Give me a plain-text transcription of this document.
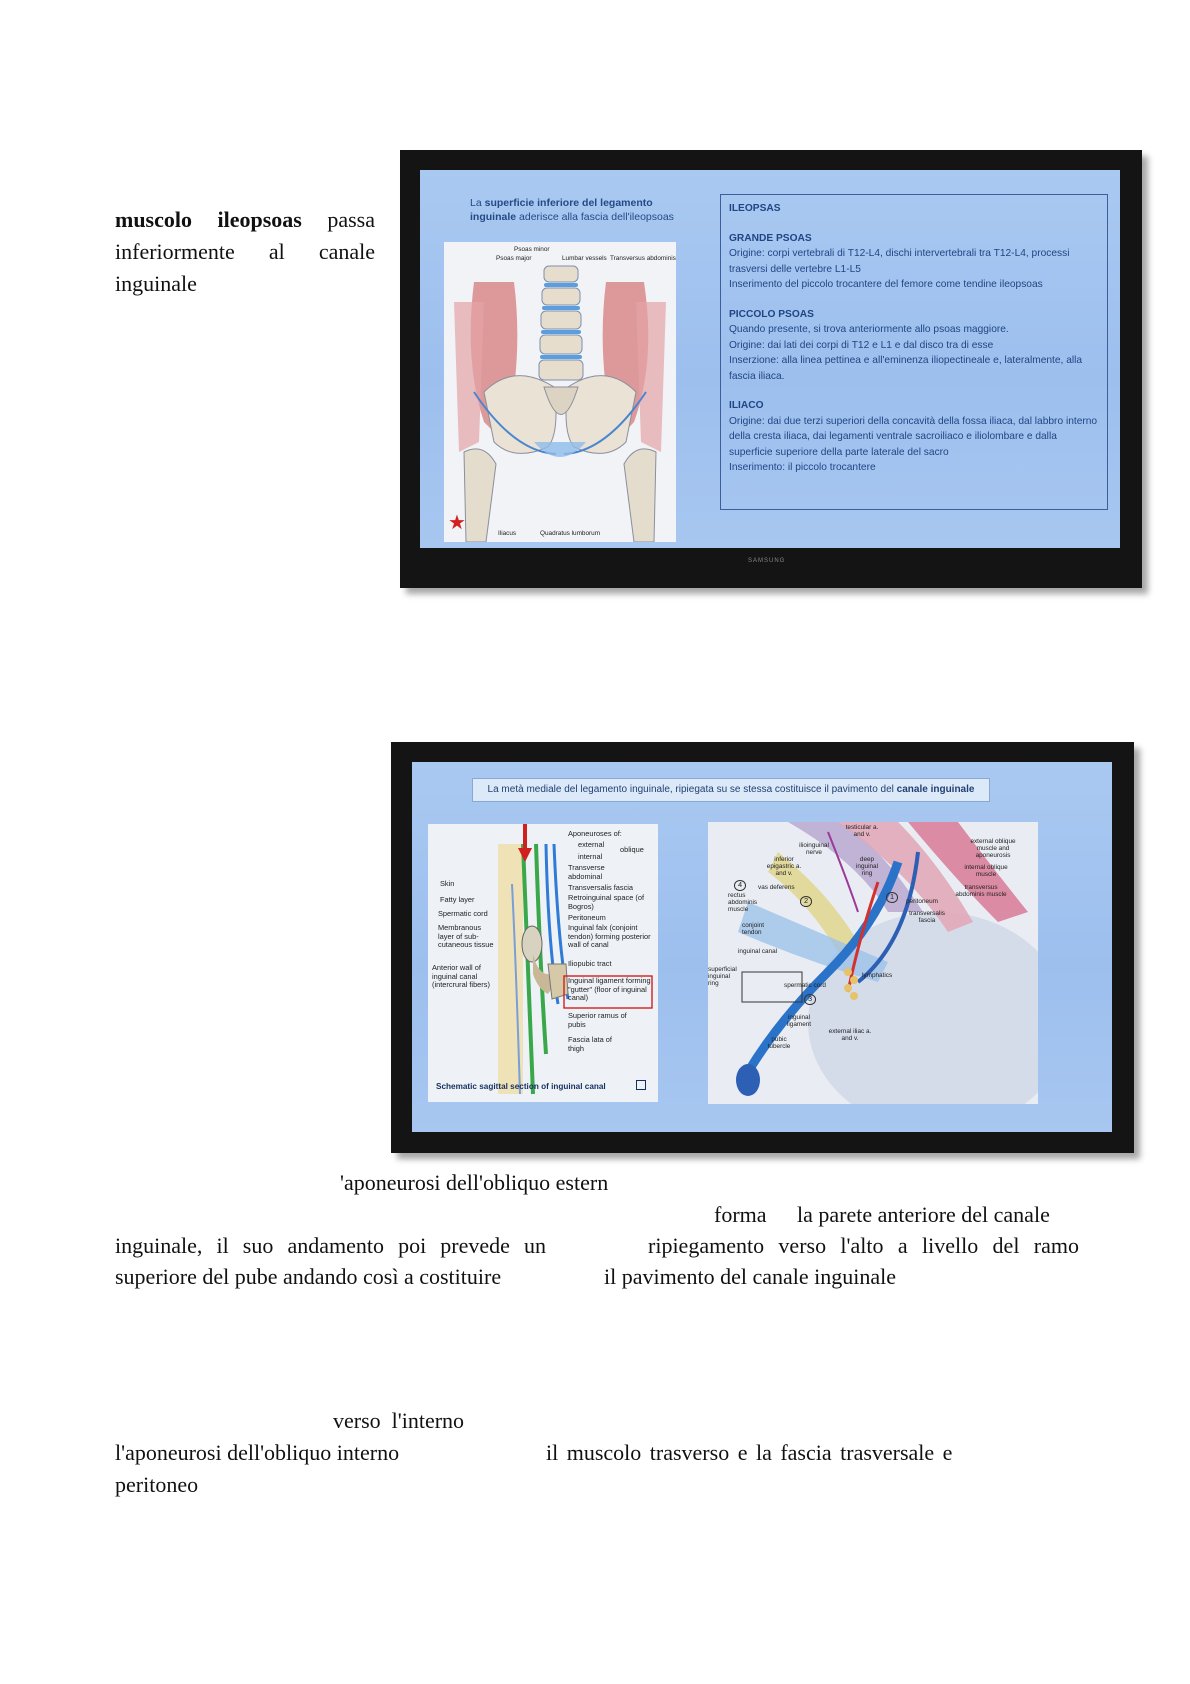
muscolo ileopsoas passa inferiormente al canale inguinale
La superficie inferiore del legamento inguinale aderisce alla fascia dell'ileopsoas
Psoas minor
Psoas major	Lumbar vessels Transversus abdominis
Iliacus	Quadratus lumborum
★

ILEOPSAS

GRANDE PSOAS

Origine: corpi vertebrali di T12-L4, dischi intervertebrali tra T12-L4, processi trasversi delle vertebre L1-L5

Inserimento del piccolo trocantere del femore come tendine ileopsoas

PICCOLO PSOAS

Quando presente, si trova anteriormente allo psoas maggiore.

Origine: dai lati dei corpi di T12 e L1 e dal disco tra di esse

Inserzione: alla linea pettinea e all'eminenza iliopectineale e, lateralmente, alla fascia iliaca.

ILIACO

Origine: dai due terzi superiori della concavità della fossa iliaca, dal labbro interno della cresta iliaca, dai legamenti ventrale sacroiliaco e iliolombare e dalla superficie superiore della parte laterale del sacro

Inserimento: il piccolo trocantere

SAMSUNG
La metà mediale del legamento inguinale, ripiegata su se stessa costituisce il pavimento del canale inguinale
Aponeuroses of:
external
oblique
internal
Transverse abdominal
Transversalis fascia
Retroinguinal space (of Bogros)
Peritoneum
Inguinal falx (conjoint tendon) forming posterior wall of canal
Iliopubic tract
Inguinal ligament forming "gutter" (floor of inguinal canal)
Superior ramus of pubis
Fascia lata of thigh
Skin
Fatty layer
Spermatic cord
Membranous layer of sub-cutaneous tissue
Anterior wall of inguinal canal (intercrural fibers)
Schematic sagittal section of inguinal canal
testicular a. and v.
ilioinguinal nerve
inferior epigastric a. and v.
deep inguinal ring
external oblique muscle and aponeurosis
internal oblique muscle
rectus abdominis muscle
vas deferens	transversus abdominis muscle
peritoneum
transversalis fascia
conjoint tendon
inguinal canal
superficial inguinal ring
lymphatics
spermatic cord
inguinal ligament
pubic tubercle
external iliac a. and v.
4
2	1
3
'aponeurosi dell'obliquo estern
forma la parete anteriore del canale
inguinale, il suo andamento poi prevede un	ripiegamento verso l'alto a livello del ramo
superiore del pube andando così a costituire	il pavimento del canale inguinale
verso  l'interno
l'aponeurosi dell'obliquo interno	il muscolo trasverso e la fascia trasversale e
peritoneo
